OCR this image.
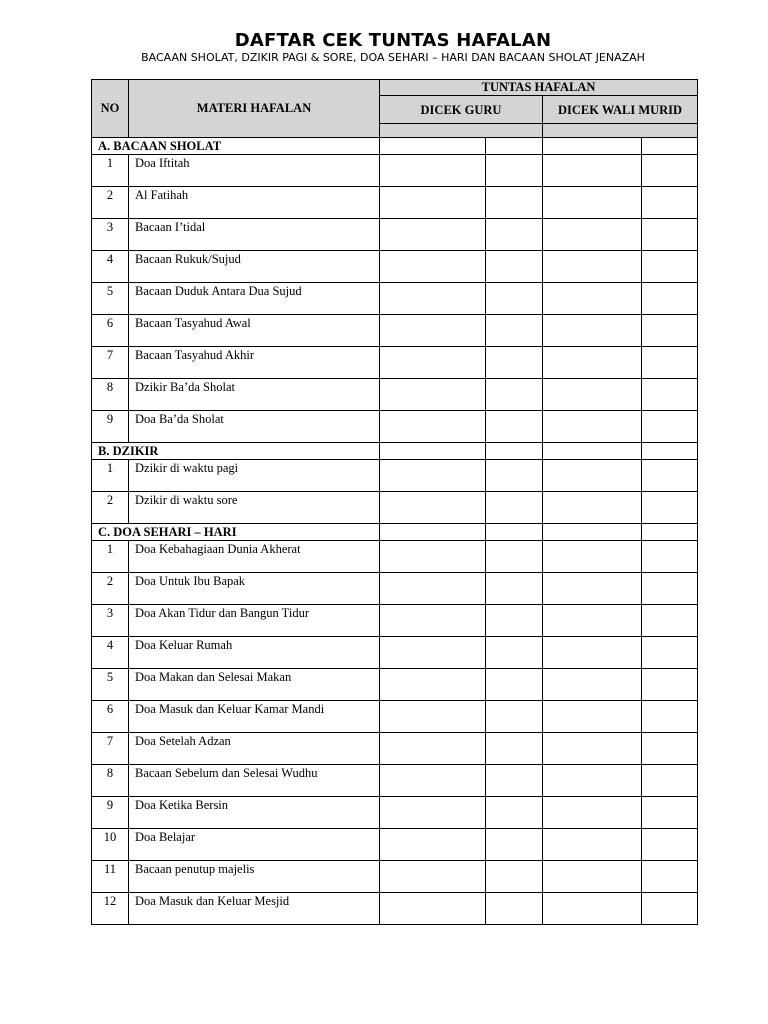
DAFTAR CEK TUNTAS HAFALAN
BACAAN SHOLAT, DZIKIR PAGI & SORE, DOA SEHARI – HARI DAN BACAAN SHOLAT JENAZAH
NO	MATERI HAFALAN	TUNTAS HAFALAN			
		DICEK GURU		DICEK WALI MURID	

A. BACAAN SHOLAT					
1	Doa Iftitah				
2	Al Fatihah				
3	Bacaan I’tidal				
4	Bacaan Rukuk/Sujud				
5	Bacaan Duduk Antara Dua Sujud				
6	Bacaan Tasyahud Awal				
7	Bacaan Tasyahud Akhir				
8	Dzikir Ba’da Sholat				
9	Doa Ba’da Sholat				
B. DZIKIR					
1	Dzikir di waktu pagi				
2	Dzikir di waktu sore				
C. DOA SEHARI – HARI					
1	Doa Kebahagiaan Dunia Akherat				
2	Doa Untuk Ibu Bapak				
3	Doa Akan Tidur dan Bangun Tidur				
4	Doa Keluar Rumah				
5	Doa Makan dan Selesai Makan				
6	Doa Masuk dan Keluar Kamar Mandi				
7	Doa Setelah Adzan				
8	Bacaan Sebelum dan Selesai Wudhu				
9	Doa Ketika Bersin				
10	Doa Belajar				
11	Bacaan penutup majelis				
12	Doa Masuk dan Keluar Mesjid				
